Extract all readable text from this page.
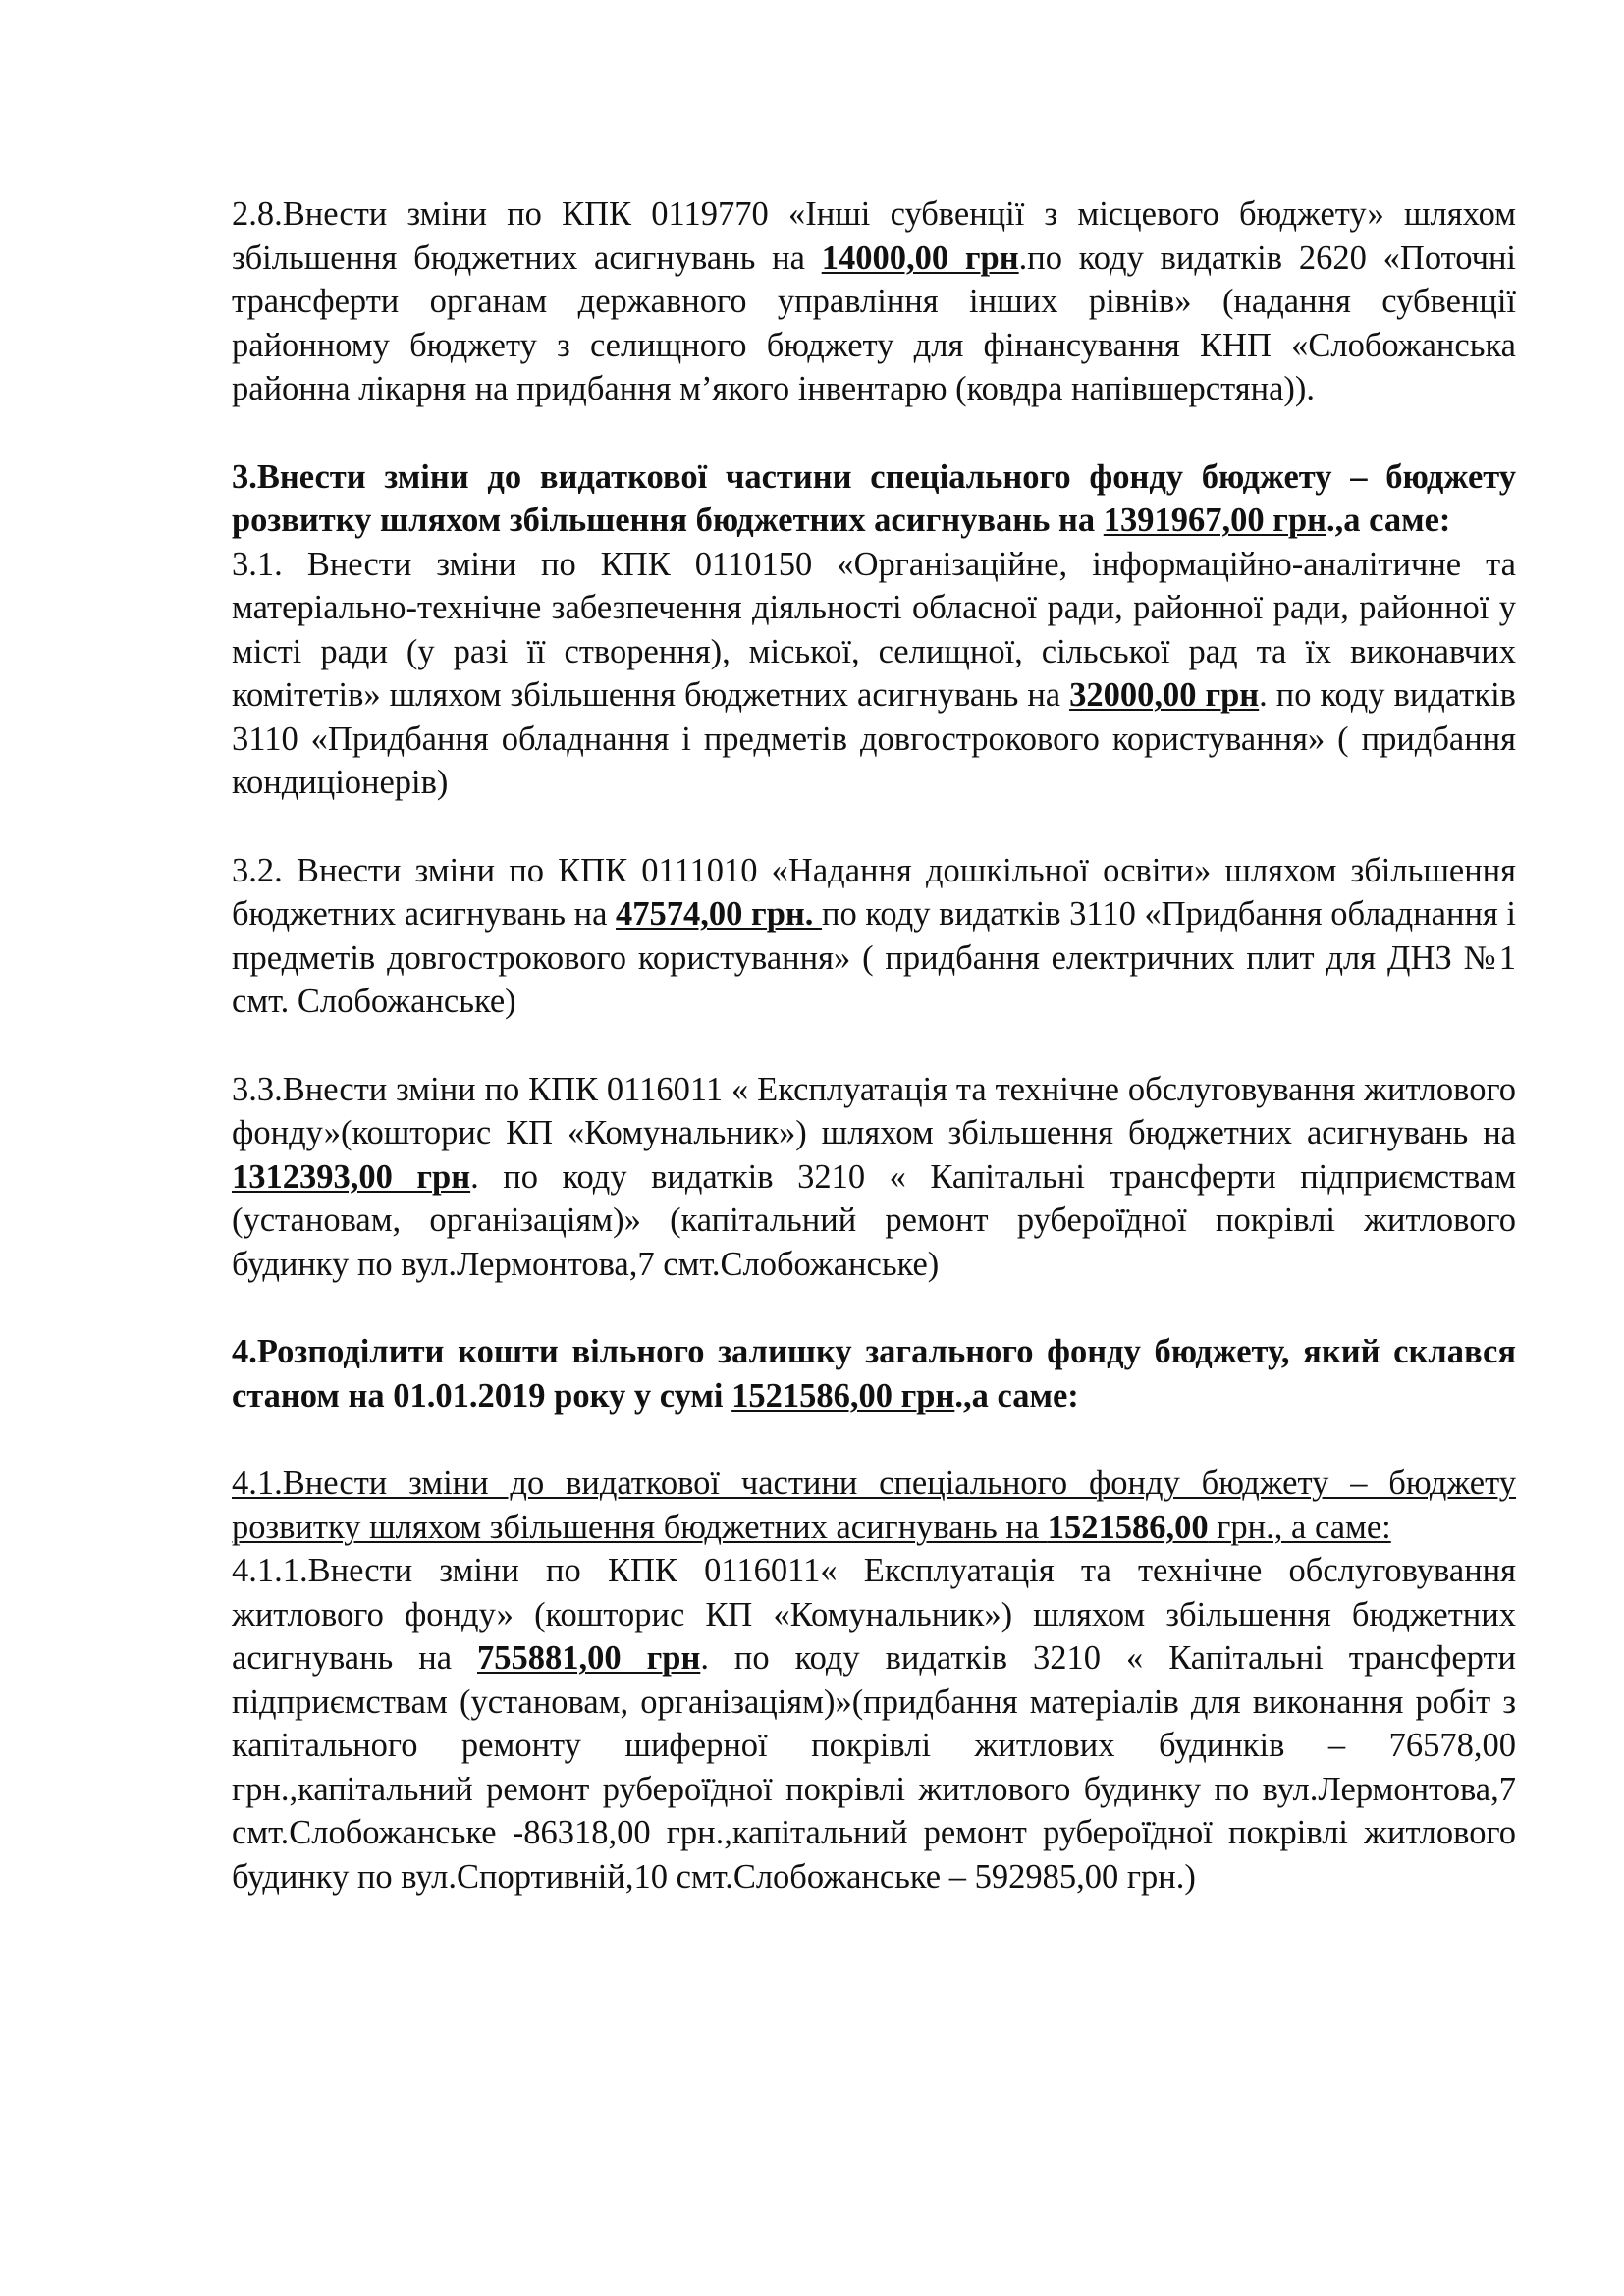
2.8.Внести зміни по КПК 0119770 «Інші субвенції з місцевого бюджету» шляхом збільшення бюджетних асигнувань на 14000,00 грн.по коду видатків 2620 «Поточні трансферти органам державного управління інших рівнів» (надання субвенції районному бюджету з селищного бюджету для фінансування КНП «Слобожанська районна лікарня на придбання м’якого інвентарю (ковдра напівшерстяна)).

3.Внести зміни до видаткової частини спеціального фонду бюджету – бюджету розвитку шляхом збільшення бюджетних асигнувань на 1391967,00 грн.,а саме:

3.1. Внести зміни по КПК 0110150 «Організаційне, інформаційно-аналітичне та матеріально-технічне забезпечення діяльності обласної ради, районної ради, районної у місті ради (у разі її створення), міської, селищної, сільської рад та їх виконавчих комітетів» шляхом збільшення бюджетних асигнувань на 32000,00 грн. по коду видатків 3110 «Придбання обладнання і предметів довгострокового користування» ( придбання кондиціонерів)

3.2. Внести зміни по КПК 0111010 «Надання дошкільної освіти» шляхом збільшення бюджетних асигнувань на 47574,00 грн. по коду видатків 3110 «Придбання обладнання і предметів довгострокового користування» ( придбання електричних плит для ДНЗ №1 смт. Слобожанське)

3.3.Внести зміни по КПК 0116011 « Експлуатація та технічне обслуговування житлового фонду»(кошторис КП «Комунальник») шляхом збільшення бюджетних асигнувань на 1312393,00 грн. по коду видатків 3210 « Капітальні трансферти підприємствам (установам, організаціям)» (капітальний ремонт руберої̈дної покрівлі житлового будинку по вул.Лермонтова,7 смт.Слобожанське)

4.Розподілити кошти вільного залишку загального фонду бюджету, який склався станом на 01.01.2019 року у сумі 1521586,00 грн.,а саме:

4.1.Внести зміни до видаткової частини спеціального фонду бюджету – бюджету розвитку шляхом збільшення бюджетних асигнувань на 1521586,00 грн., а саме:

4.1.1.Внести зміни по КПК 0116011« Експлуатація та технічне обслуговування житлового фонду» (кошторис КП «Комунальник») шляхом збільшення бюджетних асигнувань на 755881,00 грн. по коду видатків 3210 « Капітальні трансферти підприємствам (установам, організаціям)»(придбання матеріалів для виконання робіт з капітального ремонту шиферної покрівлі житлових будинків – 76578,00 грн.,капітальний ремонт руберої̈дної покрівлі житлового будинку по вул.Лермонтова,7 смт.Слобожанське -86318,00 грн.,капітальний ремонт руберої̈дної покрівлі житлового будинку по вул.Спортивній,10 смт.Слобожанське – 592985,00 грн.)
